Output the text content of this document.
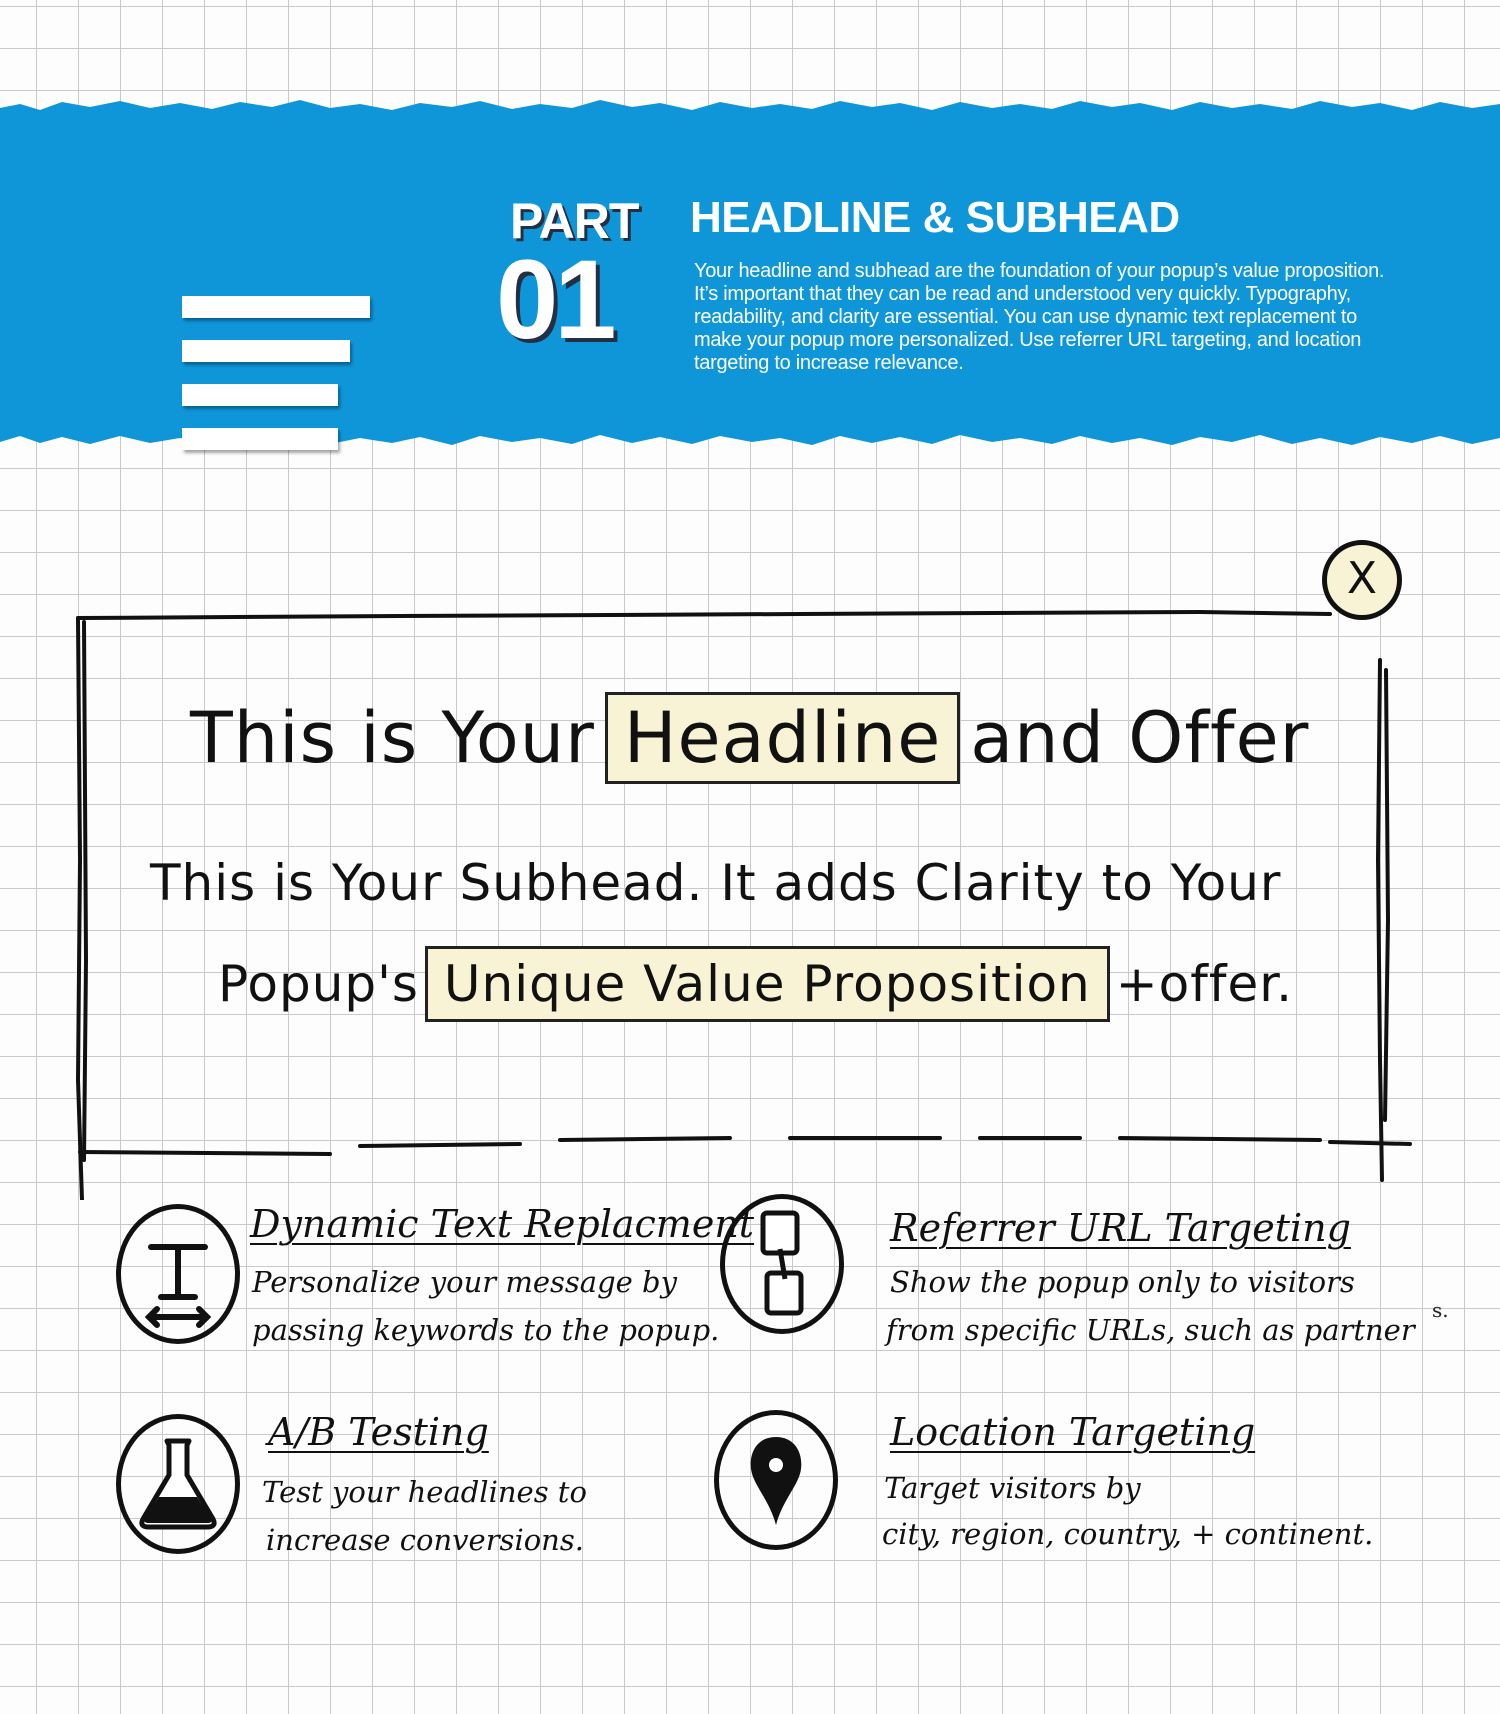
PART
01
HEADLINE & SUBHEAD
Your headline and subhead are the foundation of your popup’s value proposition. It’s important that they can be read and understood very quickly. Typography, readability, and clarity are essential. You can use dynamic text replacement to make your popup more personalized. Use referrer URL targeting, and location targeting to increase relevance.
X
This is Your Headline and Offer
This is Your Subhead. It adds Clarity to Your
Popup's Unique Value Proposition +offer.
Dynamic Text Replacment
Personalize your message by
passing keywords to the popup.
Referrer URL Targeting
Show the popup only to visitors
from specific URLs, such as partner
A/B Testing
Test your headlines to
increase conversions.
Location Targeting
Target visitors by
city, region, country, + continent.
s.
